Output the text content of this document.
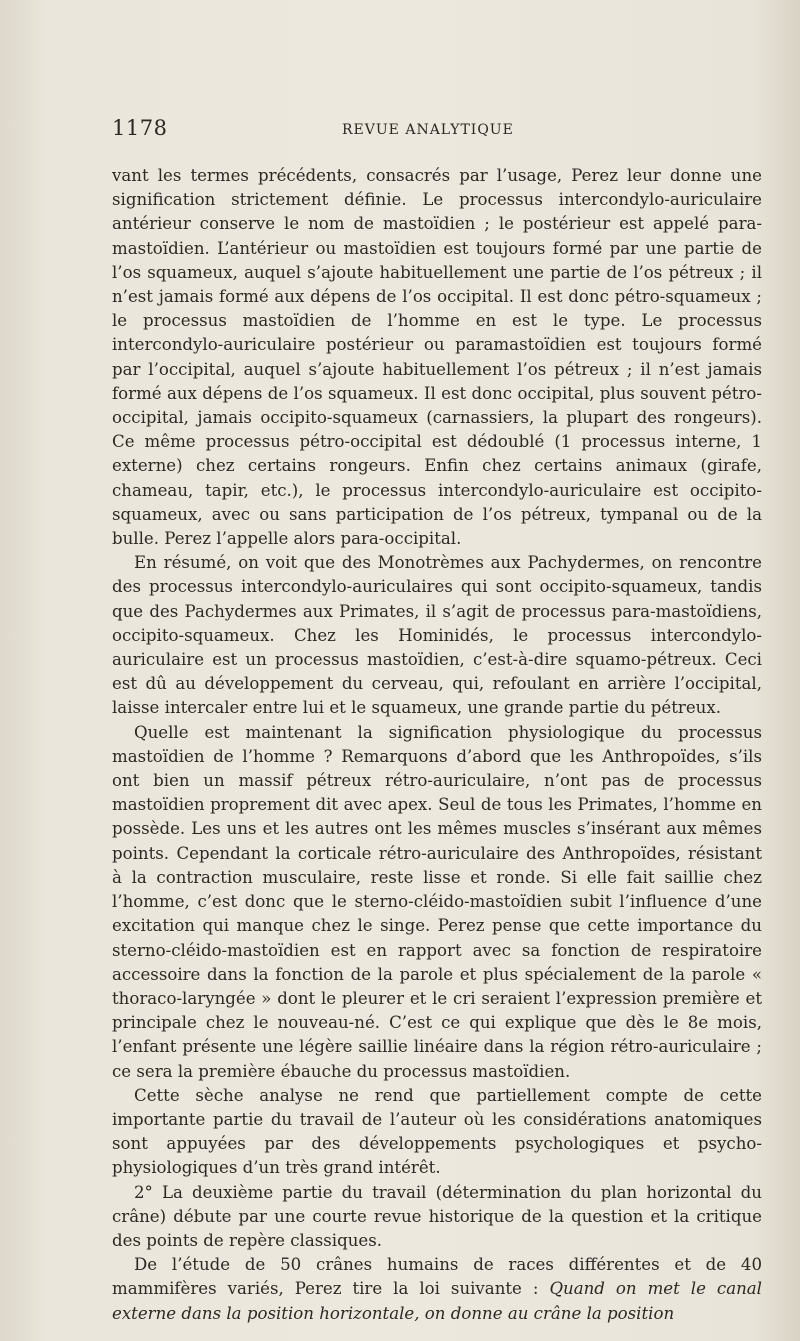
1178	REVUE ANALYTIQUE

vant les termes précédents, consacrés par l’usage, Perez leur donne une signification strictement définie. Le processus intercondylo-auriculaire antérieur conserve le nom de mastoïdien ; le postérieur est appelé para-mastoïdien. L’antérieur ou mastoïdien est toujours formé par une partie de l’os squameux, auquel s’ajoute habituellement une partie de l’os pétreux ; il n’est jamais formé aux dépens de l’os occipital. Il est donc pétro-squameux ; le processus mastoïdien de l’homme en est le type. Le processus intercondylo-auriculaire postérieur ou paramastoïdien est toujours formé par l’occipital, auquel s’ajoute habituellement l’os pétreux ; il n’est jamais formé aux dépens de l’os squameux. Il est donc occipital, plus souvent pétro-occipital, jamais occipito-squameux (carnassiers, la plupart des rongeurs). Ce même processus pétro-occipital est dédoublé (1 processus interne, 1 externe) chez certains rongeurs. Enfin chez certains animaux (girafe, chameau, tapir, etc.), le processus intercondylo-auriculaire est occipito-squameux, avec ou sans participation de l’os pétreux, tympanal ou de la bulle. Perez l’appelle alors para-occipital.

En résumé, on voit que des Monotrèmes aux Pachydermes, on rencontre des processus intercondylo-auriculaires qui sont occipito-squameux, tandis que des Pachydermes aux Primates, il s’agit de processus para-mastoïdiens, occipito-squameux. Chez les Hominidés, le processus intercondylo-auriculaire est un processus mastoïdien, c’est-à-dire squamo-pétreux. Ceci est dû au développement du cerveau, qui, refoulant en arrière l’occipital, laisse intercaler entre lui et le squameux, une grande partie du pétreux.

Quelle est maintenant la signification physiologique du processus mastoïdien de l’homme ? Remarquons d’abord que les Anthropoïdes, s’ils ont bien un massif pétreux rétro-auriculaire, n’ont pas de processus mastoïdien proprement dit avec apex. Seul de tous les Primates, l’homme en possède. Les uns et les autres ont les mêmes muscles s’insérant aux mêmes points. Cependant la corticale rétro-auriculaire des Anthropoïdes, résistant à la contraction musculaire, reste lisse et ronde. Si elle fait saillie chez l’homme, c’est donc que le sterno-cléido-mastoïdien subit l’influence d’une excitation qui manque chez le singe. Perez pense que cette importance du sterno-cléido-mastoïdien est en rapport avec sa fonction de respiratoire accessoire dans la fonction de la parole et plus spécialement de la parole « thoraco-laryngée » dont le pleurer et le cri seraient l’expression première et principale chez le nouveau-né. C’est ce qui explique que dès le 8e mois, l’enfant présente une légère saillie linéaire dans la région rétro-auriculaire ; ce sera la première ébauche du processus mastoïdien.

Cette sèche analyse ne rend que partiellement compte de cette importante partie du travail de l’auteur où les considérations anatomiques sont appuyées par des développements psychologiques et psycho-physiologiques d’un très grand intérêt.

2° La deuxième partie du travail (détermination du plan horizontal du crâne) débute par une courte revue historique de la question et la critique des points de repère classiques.

De l’étude de 50 crânes humains de races différentes et de 40 mammifères variés, Perez tire la loi suivante : Quand on met le canal externe dans la position horizontale, on donne au crâne la position
